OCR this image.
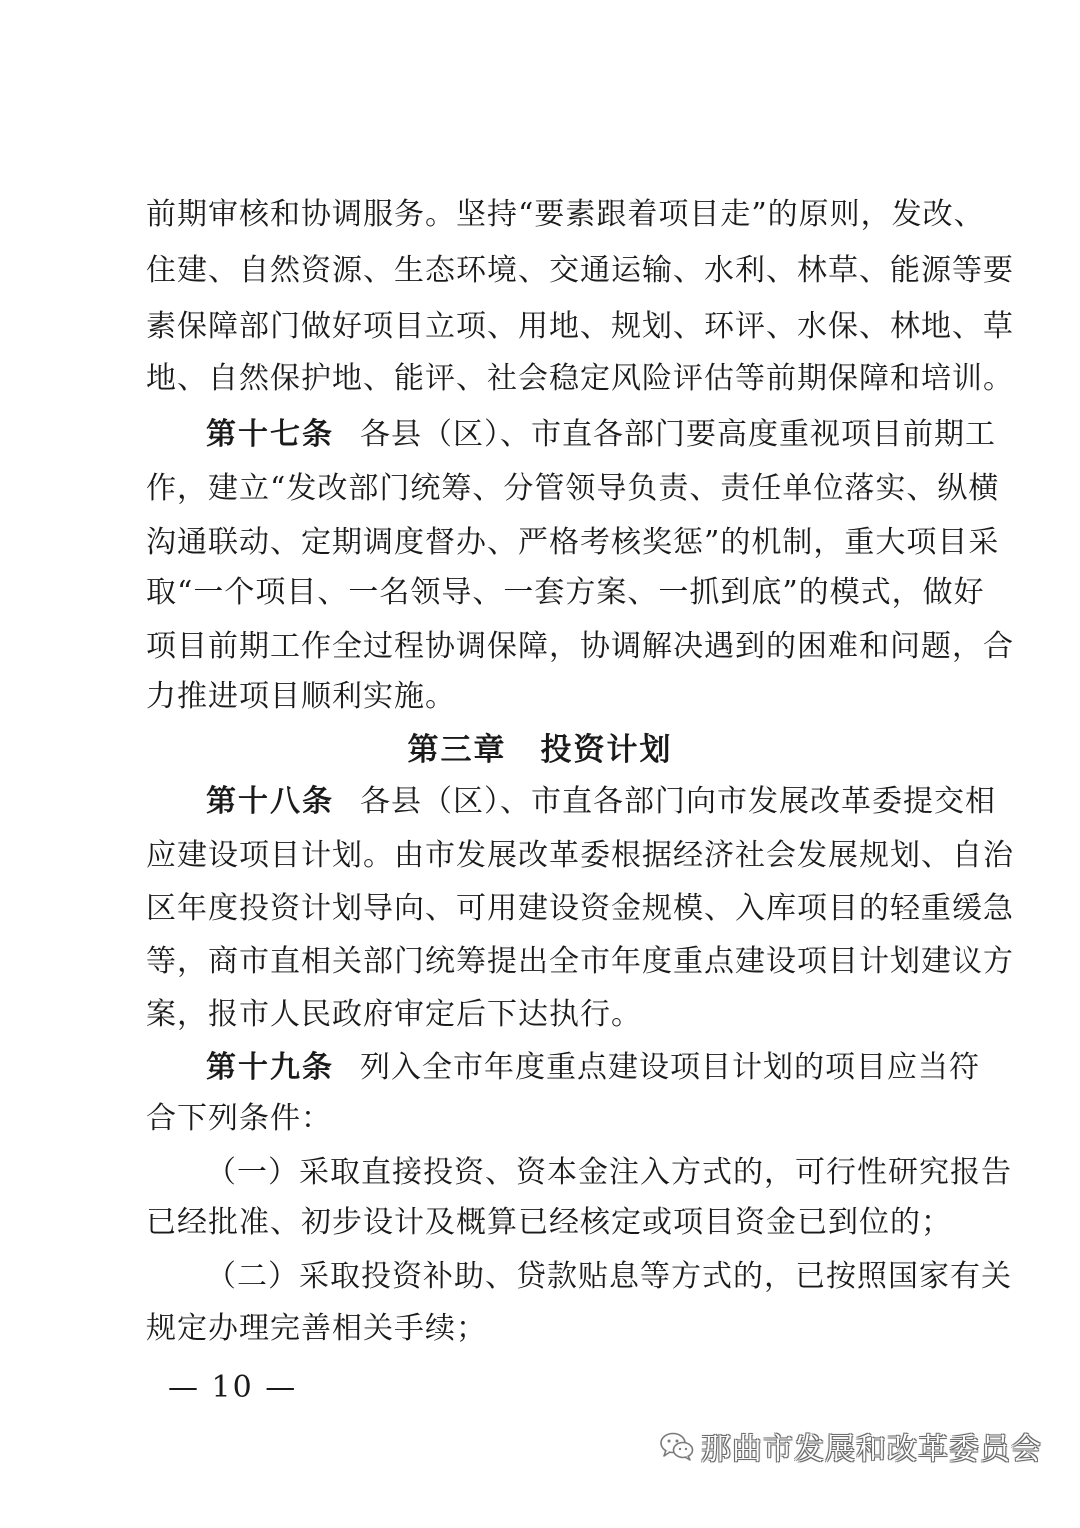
前期审核和协调服务。坚持“要素跟着项目走”的原则，发改、
住建、自然资源、生态环境、交通运输、水利、林草、能源等要
素保障部门做好项目立项、用地、规划、环评、水保、林地、草
地、自然保护地、能评、社会稳定风险评估等前期保障和培训。
第十七条 各县（区）、市直各部门要高度重视项目前期工
作，建立“发改部门统筹、分管领导负责、责任单位落实、纵横
沟通联动、定期调度督办、严格考核奖惩”的机制，重大项目采
取“一个项目、一名领导、一套方案、一抓到底”的模式，做好
项目前期工作全过程协调保障，协调解决遇到的困难和问题，合
力推进项目顺利实施。
第三章 投资计划
第十八条 各县（区）、市直各部门向市发展改革委提交相
应建设项目计划。由市发展改革委根据经济社会发展规划、自治
区年度投资计划导向、可用建设资金规模、入库项目的轻重缓急
等，商市直相关部门统筹提出全市年度重点建设项目计划建议方
案，报市人民政府审定后下达执行。
第十九条 列入全市年度重点建设项目计划的项目应当符
合下列条件：
（一）采取直接投资、资本金注入方式的，可行性研究报告
已经批准、初步设计及概算已经核定或项目资金已到位的；
（二）采取投资补助、贷款贴息等方式的，已按照国家有关
规定办理完善相关手续；
— 10 —
那曲市发展和改革委员会
